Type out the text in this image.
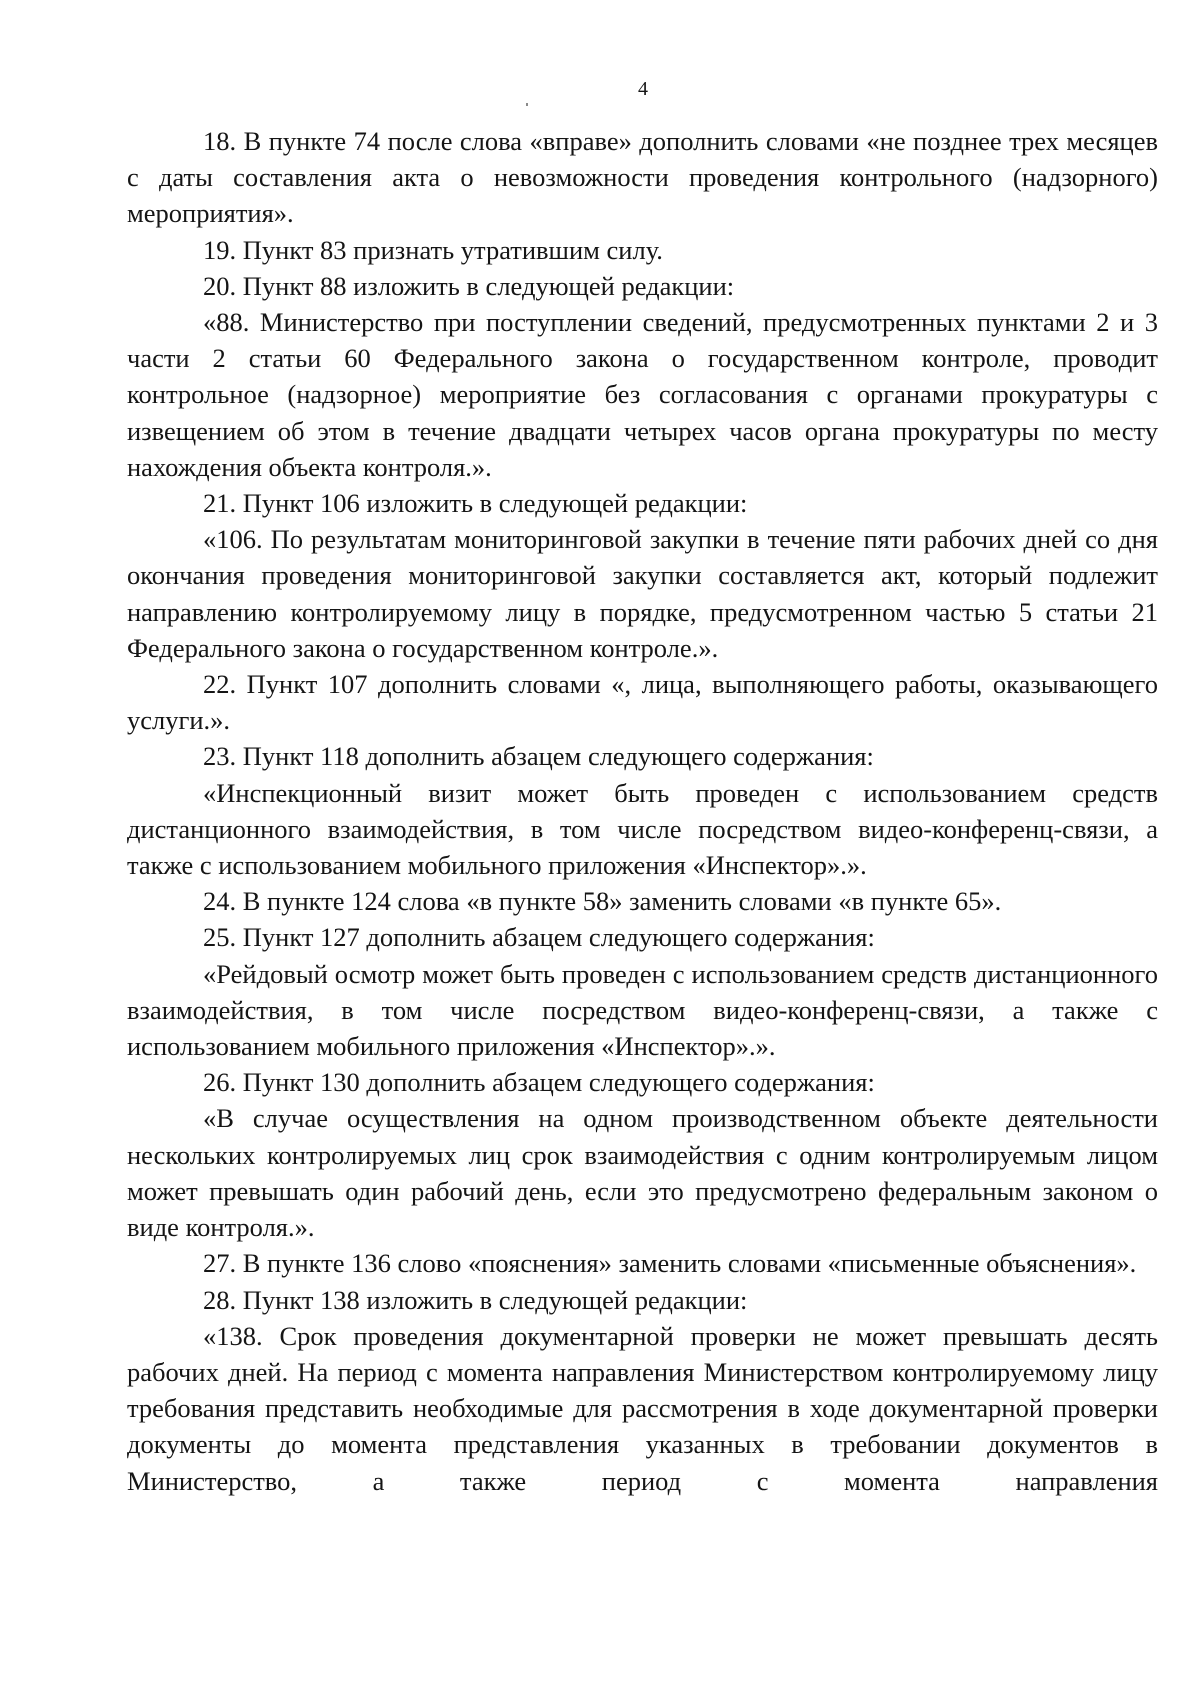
4

18. В пункте 74 после слова «вправе» дополнить словами «не позднее трех месяцев с даты составления акта о невозможности проведения контрольного (надзорного) мероприятия».

19. Пункт 83 признать утратившим силу.

20. Пункт 88 изложить в следующей редакции:

«88. Министерство при поступлении сведений, предусмотренных пунктами 2 и 3 части 2 статьи 60 Федерального закона о государственном контроле, проводит контрольное (надзорное) мероприятие без согласования с органами прокуратуры с извещением об этом в течение двадцати четырех часов органа прокуратуры по месту нахождения объекта контроля.».

21. Пункт 106 изложить в следующей редакции:

«106. По результатам мониторинговой закупки в течение пяти рабочих дней со дня окончания проведения мониторинговой закупки составляется акт, который подлежит направлению контролируемому лицу в порядке, предусмотренном частью 5 статьи 21 Федерального закона о государственном контроле.».

22. Пункт 107 дополнить словами «, лица, выполняющего работы, оказывающего услуги.».

23. Пункт 118 дополнить абзацем следующего содержания:

«Инспекционный визит может быть проведен с использованием средств дистанционного взаимодействия, в том числе посредством видео-конференц-связи, а также с использованием мобильного приложения «Инспектор».».

24. В пункте 124 слова «в пункте 58» заменить словами «в пункте 65».

25. Пункт 127 дополнить абзацем следующего содержания:

«Рейдовый осмотр может быть проведен с использованием средств дистанционного взаимодействия, в том числе посредством видео-конференц-связи, а также с использованием мобильного приложения «Инспектор».».

26. Пункт 130 дополнить абзацем следующего содержания:

«В случае осуществления на одном производственном объекте деятельности нескольких контролируемых лиц срок взаимодействия с одним контролируемым лицом может превышать один рабочий день, если это предусмотрено федеральным законом о виде контроля.».

27. В пункте 136 слово «пояснения» заменить словами «письменные объяснения».

28. Пункт 138 изложить в следующей редакции:

«138. Срок проведения документарной проверки не может превышать десять рабочих дней. На период с момента направления Министерством контролируемому лицу требования представить необходимые для рассмотрения в ходе документарной проверки документы до момента представления указанных в требовании документов в Министерство, а также период с момента направления
